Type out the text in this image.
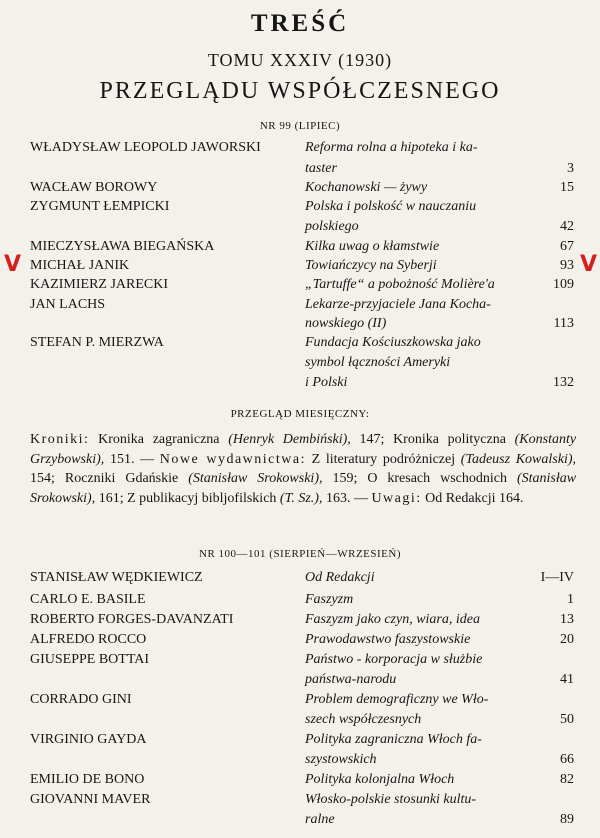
TREŚĆ
TOMU XXXIV (1930)
PRZEGLĄDU WSPÓŁCZESNEGO
NR 99 (LIPIEC)
WŁADYSŁAW LEOPOLD JAWORSKI	Reforma rolna a hipoteka i ka-
taster	3
WACŁAW BOROWY	Kochanowski — żywy	15
ZYGMUNT ŁEMPICKI	Polska i polskość w nauczaniu
polskiego	42
MIECZYSŁAWA BIEGAŃSKA	Kilka uwag o kłamstwie	67
MICHAŁ JANIK	Towiańczycy na Syberji	93
KAZIMIERZ JARECKI	„Tartuffe“ a pobożność Molière'a	109
JAN LACHS	Lekarze-przyjaciele Jana Kocha-
nowskiego (II)	113
STEFAN P. MIERZWA	Fundacja Kościuszkowska jako
symbol łączności Ameryki
i Polski	132
PRZEGLĄD MIESIĘCZNY:
Kroniki: Kronika zagraniczna (Henryk Dembiński), 147; Kronika polityczna (Konstanty Grzybowski), 151. — Nowe wydawnictwa: Z literatury podróżniczej (Tadeusz Kowalski), 154; Roczniki Gdańskie (Stanisław Srokowski), 159; O kresach wschodnich (Stanisław Srokowski), 161; Z publikacyj bibljofilskich (T. Sz.), 163. — Uwagi: Od Redakcji 164.
NR 100—101 (SIERPIEŃ—WRZESIEŃ)
STANISŁAW WĘDKIEWICZ	Od Redakcji	I—IV
CARLO E. BASILE	Faszyzm	1
ROBERTO FORGES-DAVANZATI	Faszyzm jako czyn, wiara, idea	13
ALFREDO ROCCO	Prawodawstwo faszystowskie	20
GIUSEPPE BOTTAI	Państwo - korporacja w służbie
państwa-narodu	41
CORRADO GINI	Problem demograficzny we Wło-
szech współczesnych	50
VIRGINIO GAYDA	Polityka zagraniczna Włoch fa-
szystowskich	66
EMILIO DE BONO	Polityka kolonjalna Włoch	82
GIOVANNI MAVER	Włosko-polskie stosunki kultu-
ralne	89
V	V
